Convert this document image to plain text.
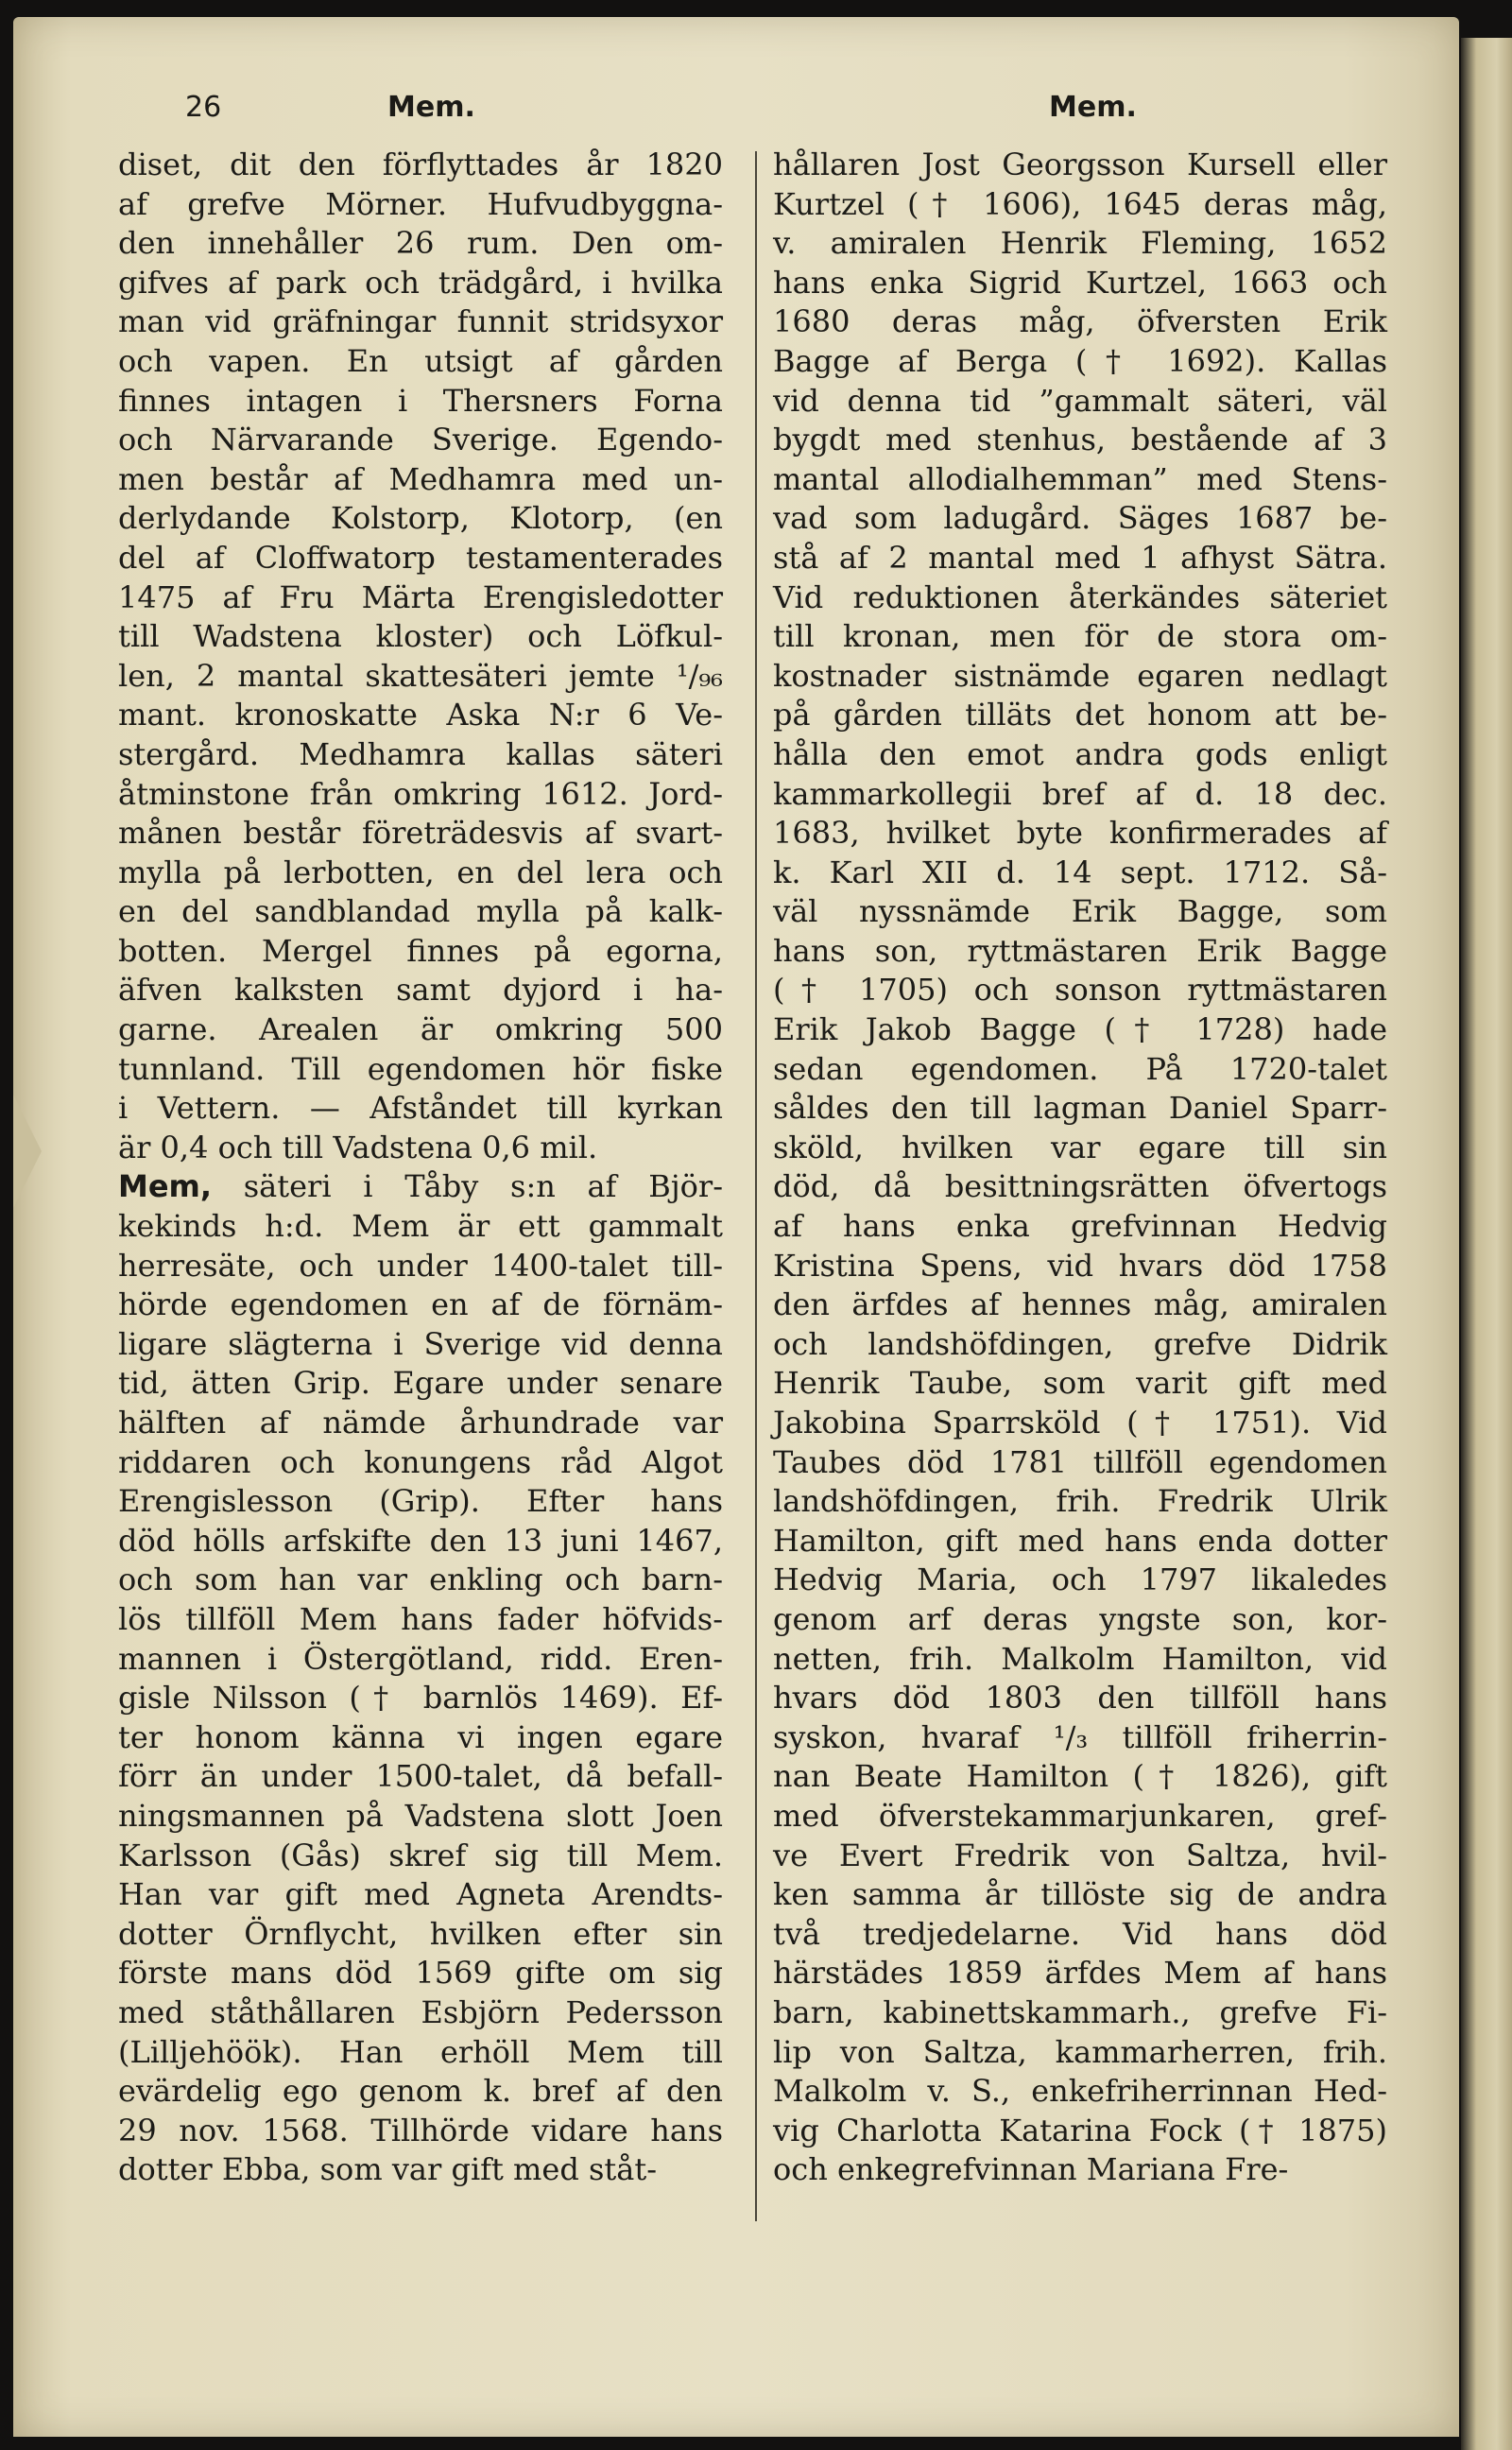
26	Mem.	Mem.
diset, dit den förflyttades år 1820
af grefve Mörner. Hufvudbyggna-
den innehåller 26 rum. Den om-
gifves af park och trädgård, i hvilka
man vid gräfningar funnit stridsyxor
och vapen. En utsigt af gården
finnes intagen i Thersners Forna
och Närvarande Sverige. Egendo-
men består af Medhamra med un-
derlydande Kolstorp, Klotorp, (en
del af Cloffwatorp testamenterades
1475 af Fru Märta Erengisledotter
till Wadstena kloster) och Löfkul-
len, 2 mantal skattesäteri jemte ¹/₉₆
mant. kronoskatte Aska N:r 6 Ve-
stergård. Medhamra kallas säteri
åtminstone från omkring 1612. Jord-
månen består företrädesvis af svart-
mylla på lerbotten, en del lera och
en del sandblandad mylla på kalk-
botten. Mergel finnes på egorna,
äfven kalksten samt dyjord i ha-
garne. Arealen är omkring 500
tunnland. Till egendomen hör fiske
i Vettern. — Afståndet till kyrkan
är 0,4 och till Vadstena 0,6 mil.
Mem, säteri i Tåby s:n af Björ-
kekinds h:d. Mem är ett gammalt
herresäte, och under 1400-talet till-
hörde egendomen en af de förnäm-
ligare slägterna i Sverige vid denna
tid, ätten Grip. Egare under senare
hälften af nämde århundrade var
riddaren och konungens råd Algot
Erengislesson (Grip). Efter hans
död hölls arfskifte den 13 juni 1467,
och som han var enkling och barn-
lös tillföll Mem hans fader höfvids-
mannen i Östergötland, ridd. Eren-
gisle Nilsson († barnlös 1469). Ef-
ter honom känna vi ingen egare
förr än under 1500-talet, då befall-
ningsmannen på Vadstena slott Joen
Karlsson (Gås) skref sig till Mem.
Han var gift med Agneta Arendts-
dotter Örnflycht, hvilken efter sin
förste mans död 1569 gifte om sig
med ståthållaren Esbjörn Pedersson
(Lilljehöök). Han erhöll Mem till
evärdelig ego genom k. bref af den
29 nov. 1568. Tillhörde vidare hans
dotter Ebba, som var gift med ståt-
hållaren Jost Georgsson Kursell eller
Kurtzel († 1606), 1645 deras måg,
v. amiralen Henrik Fleming, 1652
hans enka Sigrid Kurtzel, 1663 och
1680 deras måg, öfversten Erik
Bagge af Berga († 1692). Kallas
vid denna tid ”gammalt säteri, väl
bygdt med stenhus, bestående af 3
mantal allodialhemman” med Stens-
vad som ladugård. Säges 1687 be-
stå af 2 mantal med 1 afhyst Sätra.
Vid reduktionen återkändes säteriet
till kronan, men för de stora om-
kostnader sistnämde egaren nedlagt
på gården tilläts det honom att be-
hålla den emot andra gods enligt
kammarkollegii bref af d. 18 dec.
1683, hvilket byte konfirmerades af
k. Karl XII d. 14 sept. 1712. Så-
väl nyssnämde Erik Bagge, som
hans son, ryttmästaren Erik Bagge
(† 1705) och sonson ryttmästaren
Erik Jakob Bagge († 1728) hade
sedan egendomen. På 1720-talet
såldes den till lagman Daniel Sparr-
sköld, hvilken var egare till sin
död, då besittningsrätten öfvertogs
af hans enka grefvinnan Hedvig
Kristina Spens, vid hvars död 1758
den ärfdes af hennes måg, amiralen
och landshöfdingen, grefve Didrik
Henrik Taube, som varit gift med
Jakobina Sparrsköld († 1751). Vid
Taubes död 1781 tillföll egendomen
landshöfdingen, frih. Fredrik Ulrik
Hamilton, gift med hans enda dotter
Hedvig Maria, och 1797 likaledes
genom arf deras yngste son, kor-
netten, frih. Malkolm Hamilton, vid
hvars död 1803 den tillföll hans
syskon, hvaraf ¹/₃ tillföll friherrin-
nan Beate Hamilton († 1826), gift
med öfverstekammarjunkaren, gref-
ve Evert Fredrik von Saltza, hvil-
ken samma år tillöste sig de andra
två tredjedelarne. Vid hans död
härstädes 1859 ärfdes Mem af hans
barn, kabinettskammarh., grefve Fi-
lip von Saltza, kammarherren, frih.
Malkolm v. S., enkefriherrinnan Hed-
vig Charlotta Katarina Fock († 1875)
och enkegrefvinnan Mariana Fre-
